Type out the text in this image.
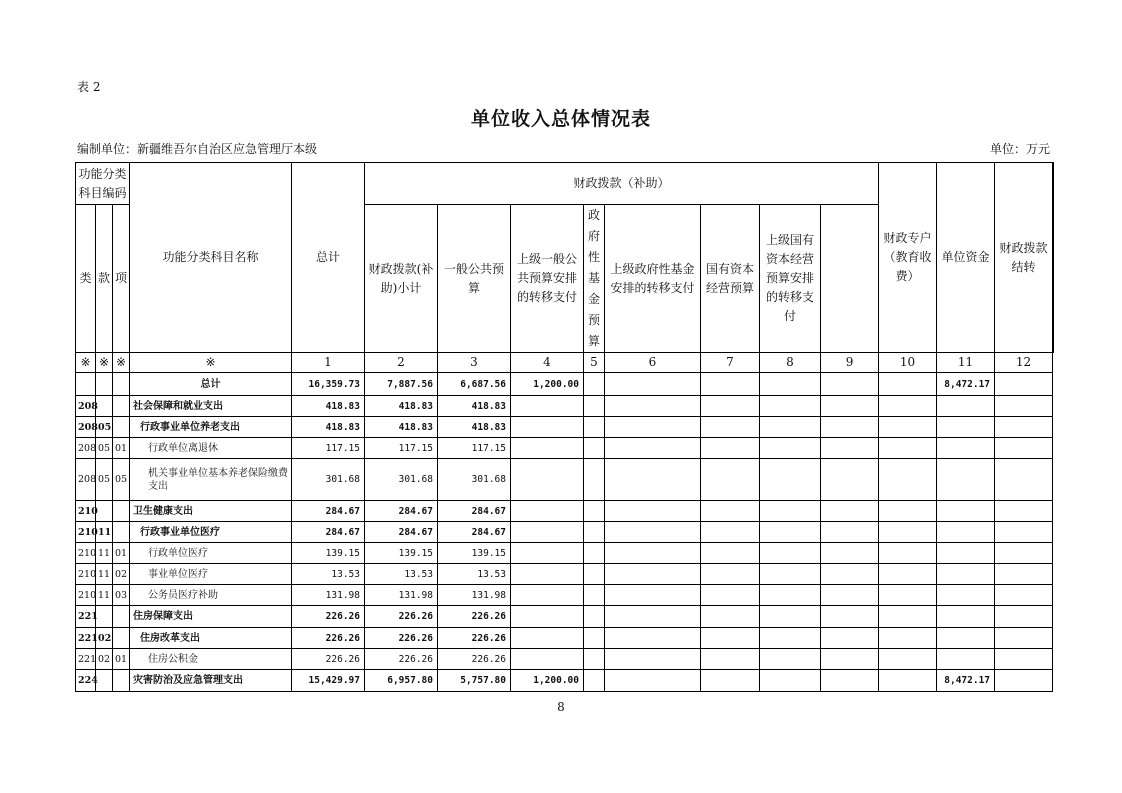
表 2
单位收入总体情况表
编制单位：新疆维吾尔自治区应急管理厅本级	单位：万元
功能分类科目编码			功能分类科目名称	总计	财政拨款（补助）								财政专户（教育收费）	单位资金	财政拨款结转	
类	款	项			财政拨款(补助)小计	一般公共预算	上级一般公共预算安排的转移支付	政府性基金预算	上级政府性基金安排的转移支付	国有资本经营预算	上级国有资本经营预算安排的转移支付					
※	※	※	※	1	2	3	4	5	6	7	8	9	10	11	12	
			总计	16,359.73	7,887.56	6,687.56	1,200.00							8,472.17		
208			社会保障和就业支出	418.83	418.83	418.83										
208	05		行政事业单位养老支出	418.83	418.83	418.83										
208	05	01	行政单位离退休	117.15	117.15	117.15										
208	05	05	机关事业单位基本养老保险缴费支出	301.68	301.68	301.68										
210			卫生健康支出	284.67	284.67	284.67										
210	11		行政事业单位医疗	284.67	284.67	284.67										
210	11	01	行政单位医疗	139.15	139.15	139.15										
210	11	02	事业单位医疗	13.53	13.53	13.53										
210	11	03	公务员医疗补助	131.98	131.98	131.98										
221			住房保障支出	226.26	226.26	226.26										
221	02		住房改革支出	226.26	226.26	226.26										
221	02	01	住房公积金	226.26	226.26	226.26										
224			灾害防治及应急管理支出	15,429.97	6,957.80	5,757.80	1,200.00							8,472.17		
8
